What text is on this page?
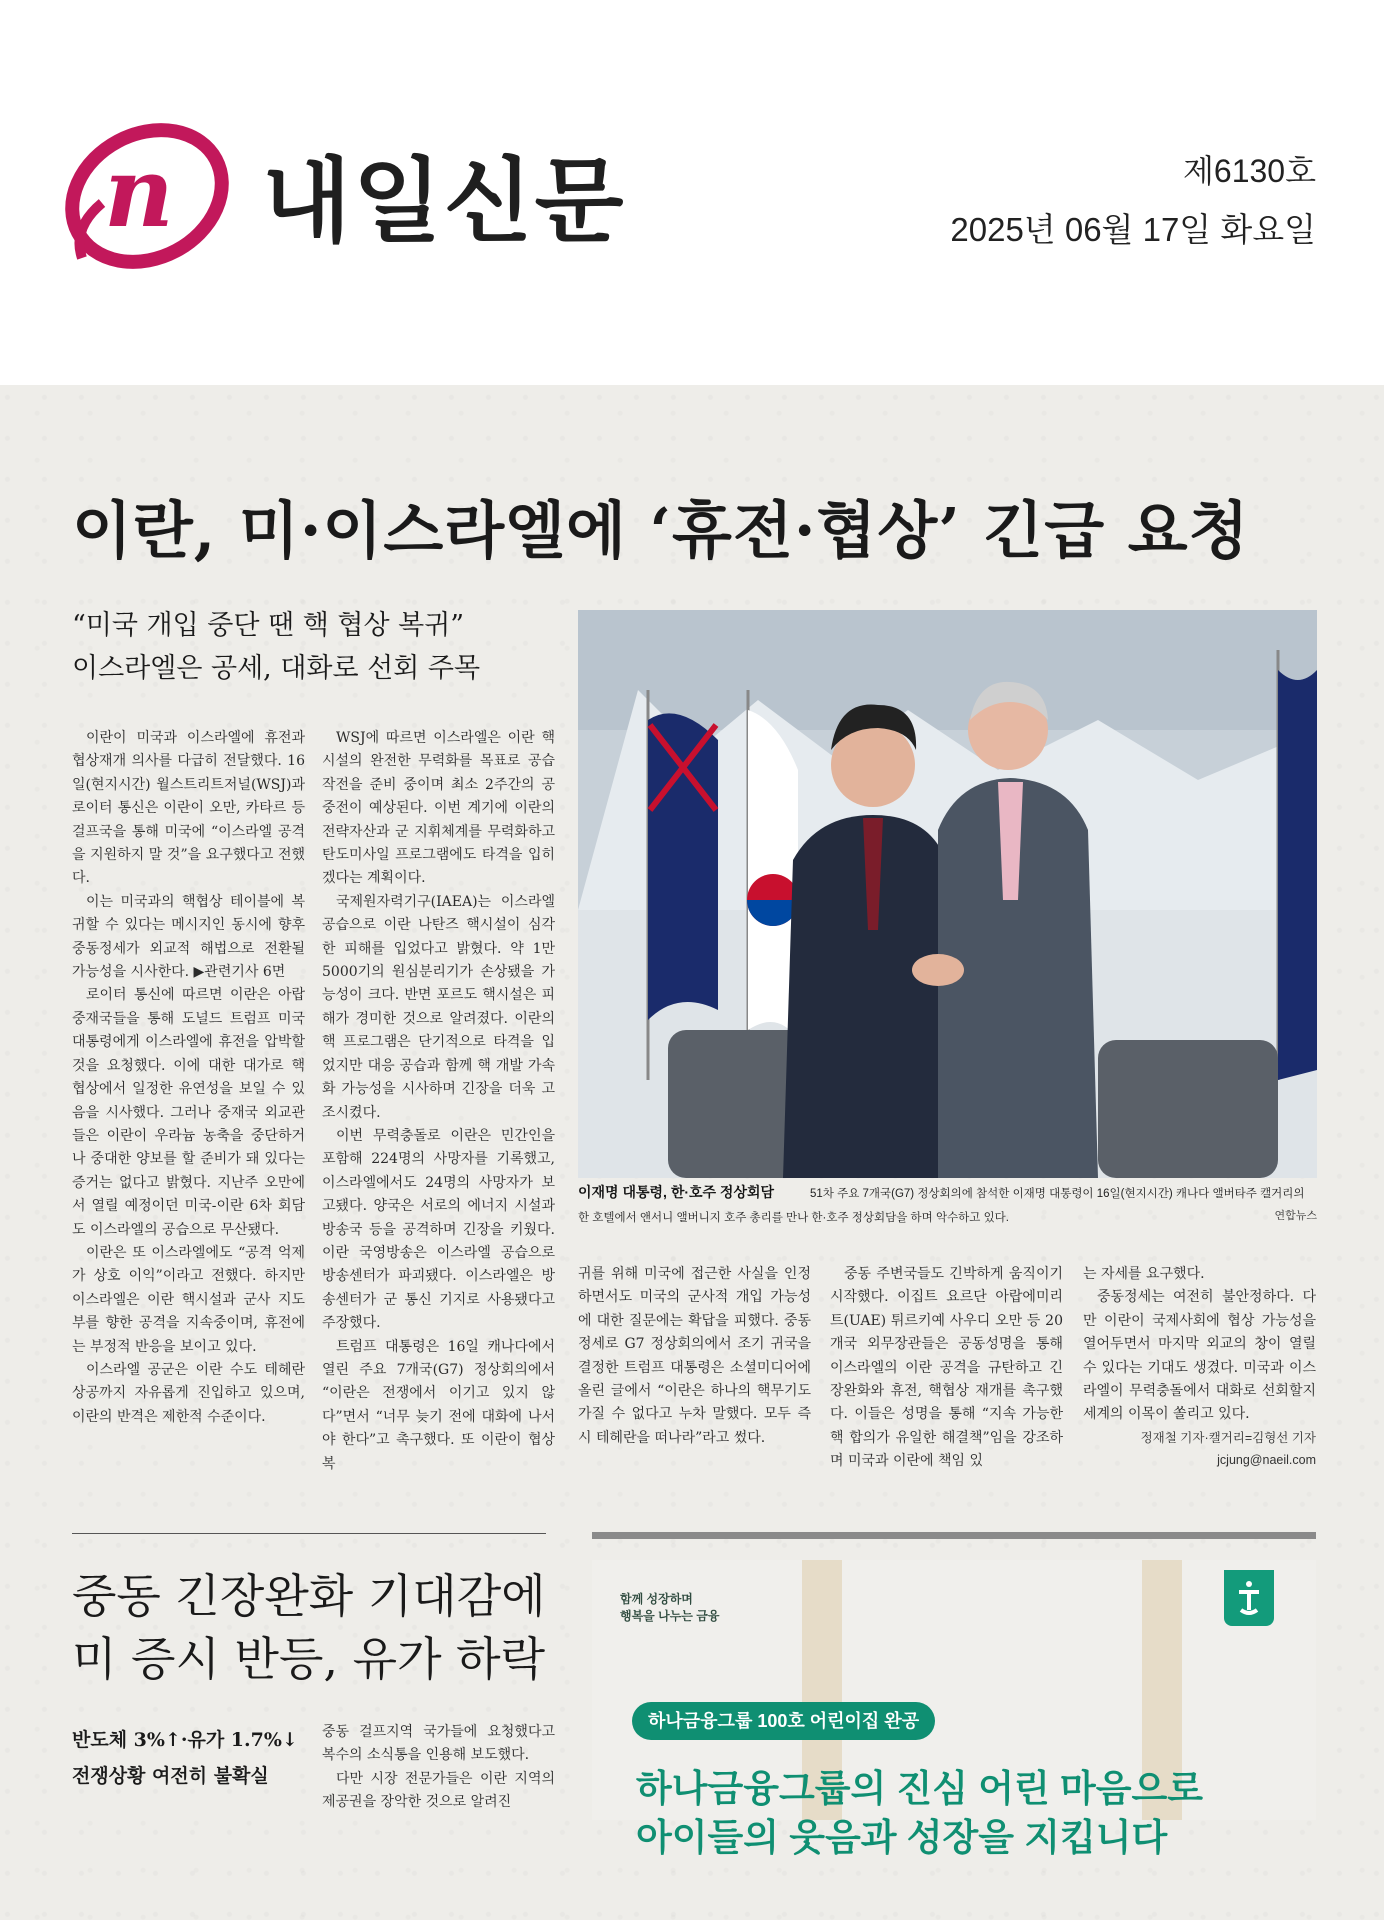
n 내일신문	제6130호
2025년 06월 17일 화요일
이란, 미·이스라엘에 ‘휴전·협상’ 긴급 요청
“미국 개입 중단 땐 핵 협상 복귀”
이스라엘은 공세, 대화로 선회 주목

이란이 미국과 이스라엘에 휴전과 협상재개 의사를 다급히 전달했다. 16일(현지시간) 월스트리트저널(WSJ)과 로이터 통신은 이란이 오만, 카타르 등 걸프국을 통해 미국에 “이스라엘 공격을 지원하지 말 것”을 요구했다고 전했다.

이는 미국과의 핵협상 테이블에 복귀할 수 있다는 메시지인 동시에 향후 중동정세가 외교적 해법으로 전환될 가능성을 시사한다. ▶관련기사 6면

로이터 통신에 따르면 이란은 아랍 중재국들을 통해 도널드 트럼프 미국 대통령에게 이스라엘에 휴전을 압박할 것을 요청했다. 이에 대한 대가로 핵 협상에서 일정한 유연성을 보일 수 있음을 시사했다. 그러나 중재국 외교관들은 이란이 우라늄 농축을 중단하거나 중대한 양보를 할 준비가 돼 있다는 증거는 없다고 밝혔다. 지난주 오만에서 열릴 예정이던 미국-이란 6차 회담도 이스라엘의 공습으로 무산됐다.

이란은 또 이스라엘에도 “공격 억제가 상호 이익”이라고 전했다. 하지만 이스라엘은 이란 핵시설과 군사 지도부를 향한 공격을 지속중이며, 휴전에는 부정적 반응을 보이고 있다.

이스라엘 공군은 이란 수도 테헤란 상공까지 자유롭게 진입하고 있으며, 이란의 반격은 제한적 수준이다.

WSJ에 따르면 이스라엘은 이란 핵시설의 완전한 무력화를 목표로 공습 작전을 준비 중이며 최소 2주간의 공중전이 예상된다. 이번 계기에 이란의 전략자산과 군 지휘체계를 무력화하고 탄도미사일 프로그램에도 타격을 입히겠다는 계획이다.

국제원자력기구(IAEA)는 이스라엘 공습으로 이란 나탄즈 핵시설이 심각한 피해를 입었다고 밝혔다. 약 1만5000기의 원심분리기가 손상됐을 가능성이 크다. 반면 포르도 핵시설은 피해가 경미한 것으로 알려졌다. 이란의 핵 프로그램은 단기적으로 타격을 입었지만 대응 공습과 함께 핵 개발 가속화 가능성을 시사하며 긴장을 더욱 고조시켰다.

이번 무력충돌로 이란은 민간인을 포함해 224명의 사망자를 기록했고, 이스라엘에서도 24명의 사망자가 보고됐다. 양국은 서로의 에너지 시설과 방송국 등을 공격하며 긴장을 키웠다. 이란 국영방송은 이스라엘 공습으로 방송센터가 파괴됐다. 이스라엘은 방송센터가 군 통신 기지로 사용됐다고 주장했다.

트럼프 대통령은 16일 캐나다에서 열린 주요 7개국(G7) 정상회의에서 “이란은 전쟁에서 이기고 있지 않다”면서 “너무 늦기 전에 대화에 나서야 한다”고 촉구했다. 또 이란이 협상 복

이재명 대통령, 한·호주 정상회담	51차 주요 7개국(G7) 정상회의에 참석한 이재명 대통령이 16일(현지시간) 캐나다 앨버타주 캘거리의 한 호텔에서 앤서니 앨버니지 호주 총리를 만나 한·호주 정상회담을 하며 악수하고 있다.	연합뉴스

귀를 위해 미국에 접근한 사실을 인정하면서도 미국의 군사적 개입 가능성에 대한 질문에는 확답을 피했다. 중동정세로 G7 정상회의에서 조기 귀국을 결정한 트럼프 대통령은 소셜미디어에 올린 글에서 “이란은 하나의 핵무기도 가질 수 없다고 누차 말했다. 모두 즉시 테헤란을 떠나라”라고 썼다.

중동 주변국들도 긴박하게 움직이기 시작했다. 이집트 요르단 아랍에미리트(UAE) 튀르키예 사우디 오만 등 20개국 외무장관들은 공동성명을 통해 이스라엘의 이란 공격을 규탄하고 긴장완화와 휴전, 핵협상 재개를 촉구했다. 이들은 성명을 통해 “지속 가능한 핵 합의가 유일한 해결책”임을 강조하며 미국과 이란에 책임 있

는 자세를 요구했다.

중동정세는 여전히 불안정하다. 다만 이란이 국제사회에 협상 가능성을 열어두면서 마지막 외교의 창이 열릴 수 있다는 기대도 생겼다. 미국과 이스라엘이 무력충돌에서 대화로 선회할지 세계의 이목이 쏠리고 있다.

정재철 기자·캘거리=김형선 기자
jcjung@naeil.com
중동 긴장완화 기대감에
미 증시 반등, 유가 하락
반도체 3%↑·유가 1.7%↓
전쟁상황 여전히 불확실

중동 걸프지역 국가들에 요청했다고 복수의 소식통을 인용해 보도했다.

다만 시장 전문가들은 이란 지역의 제공권을 장악한 것으로 알려진

함께 성장하며
행복을 나누는 금융
하나금융그룹 100호 어린이집 완공
하나금융그룹의 진심 어린 마음으로
아이들의 웃음과 성장을 지킵니다
